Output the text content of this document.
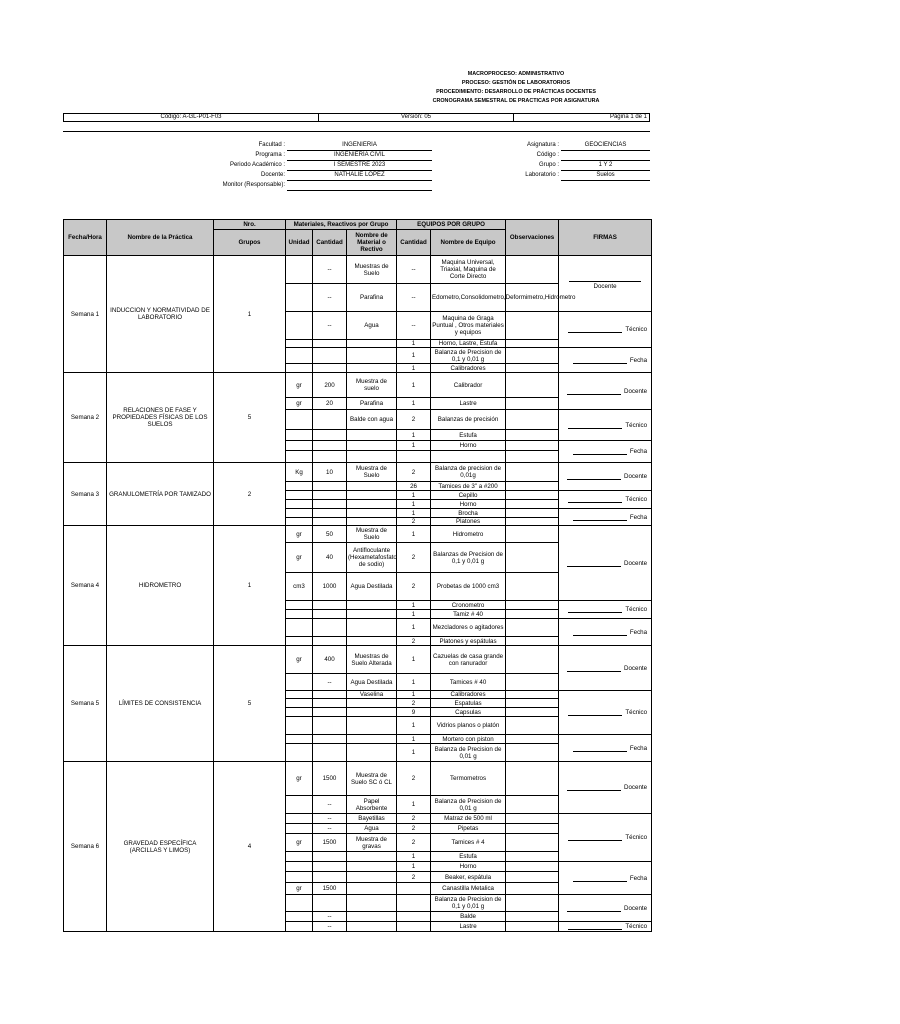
MACROPROCESO: ADMINISTRATIVO
PROCESO: GESTIÓN DE LABORATORIOS
PROCEDIMIENTO: DESARROLLO DE PRÁCTICAS DOCENTES
CRONOGRAMA SEMESTRAL DE PRACTICAS POR ASIGNATURA
Código: A-GL-P01-F03	Versión: 05	Página 1 de 1
Facultad :	INGENIERIA
Programa :	INGENIERÍA CIVIL
Periodo Académico :	I SEMESTRE 2023
Docente:	NATHALIE LOPEZ
Monitor (Responsable):
Asignatura :	GEOCIENCIAS
Código :
Grupo :	1 Y 2
Laboratorio :	Suelos
Fecha/Hora	Nombre de la Práctica	Nro.	Materiales, Reactivos por Grupo			EQUIPOS POR GRUPO		Observaciones	FIRMAS
		Grupos	Unidad	Cantidad	Nombre de Material o Rectivo	Cantidad	Nombre de Equipo		
Semana 1	INDUCCION Y NORMATIVIDAD DE LABORATORIO	1		--	Muestras de Suelo	--	Maquina Universal, Triaxial, Maquina de Corte Directo		Docente

				--	Parafina	--	Edometro,Consolidometro,Deformimetro,Hidrometro		
				--	Agua	--	Maquina de Graga Puntual , Otros materiales y equipos		Técnico

						1	Horno, Lastre, Estufa		
						1	Balanza de Precision de 0,1 y 0,01 g		Fecha

						1	Calibradores		
Semana 2	RELACIONES DE FASE Y PROPIEDADES FÍSICAS DE LOS SUELOS	5	gr	200	Muestra de suelo	1	Calibrador		Docente

			gr	20	Parafina	1	Lastre		
					Balde con agua	2	Balanzas de precisión		Técnico

						1	Estufa		
						1	Horno		Fecha

Semana 3	GRANULOMETRÍA POR TAMIZADO	2	Kg	10	Muestra de Suelo	2	Balanza de precision de 0,01g		Docente

						26	Tamices de 3" a #200		
						1	Cepillo		Técnico

						1	Horno		
						1	Brocha		Fecha

						2	Platones		
Semana 4	HIDROMETRO	1	gr	50	Muestra de Suelo	1	Hidrometro		Docente

			gr	40	Antifloculante (Hexametafosfato de sodio)	2	Balanzas de Precision de 0,1 y 0,01 g		
			cm3	1000	Agua Destilada	2	Probetas de 1000 cm3		
						1	Cronometro		Técnico

						1	Tamiz # 40		
						1	Mezcladores o agitadores		Fecha

						2	Platones y espátulas		
Semana 5	LÍMITES DE CONSISTENCIA	5	gr	400	Muestras de Suelo Alterada	1	Cazuelas de casa grande con ranurador		Docente

				--	Agua Destilada	1	Tamices # 40		
					Vaselina	1	Calibradores		Técnico

						2	Espatulas		
						9	Capsulas		
						1	Vidrios planos o platón		
						1	Mortero con piston		Fecha

						1	Balanza de Precision de 0,01 g		
Semana 6	GRAVEDAD ESPECÍFICA (ARCILLAS Y LIMOS)	4	gr	1500	Muestra de Suelo SC ó CL	2	Termometros		Docente

				--	Papel Absorbente	1	Balanza de Precision de 0,01 g		
				--	Bayetillas	2	Matraz de 500 ml		Técnico

				--	Agua	2	Pipetas		
			gr	1500	Muestra de gravas	2	Tamices # 4		
						1	Estufa		
						1	Horno		Fecha

						2	Beaker, espátula		
			gr	1500			Canastilla Metalica		
							Balanza de Precision de 0,1 y 0,01 g		Docente

				--			Balde		
				--			Lastre		Técnico
